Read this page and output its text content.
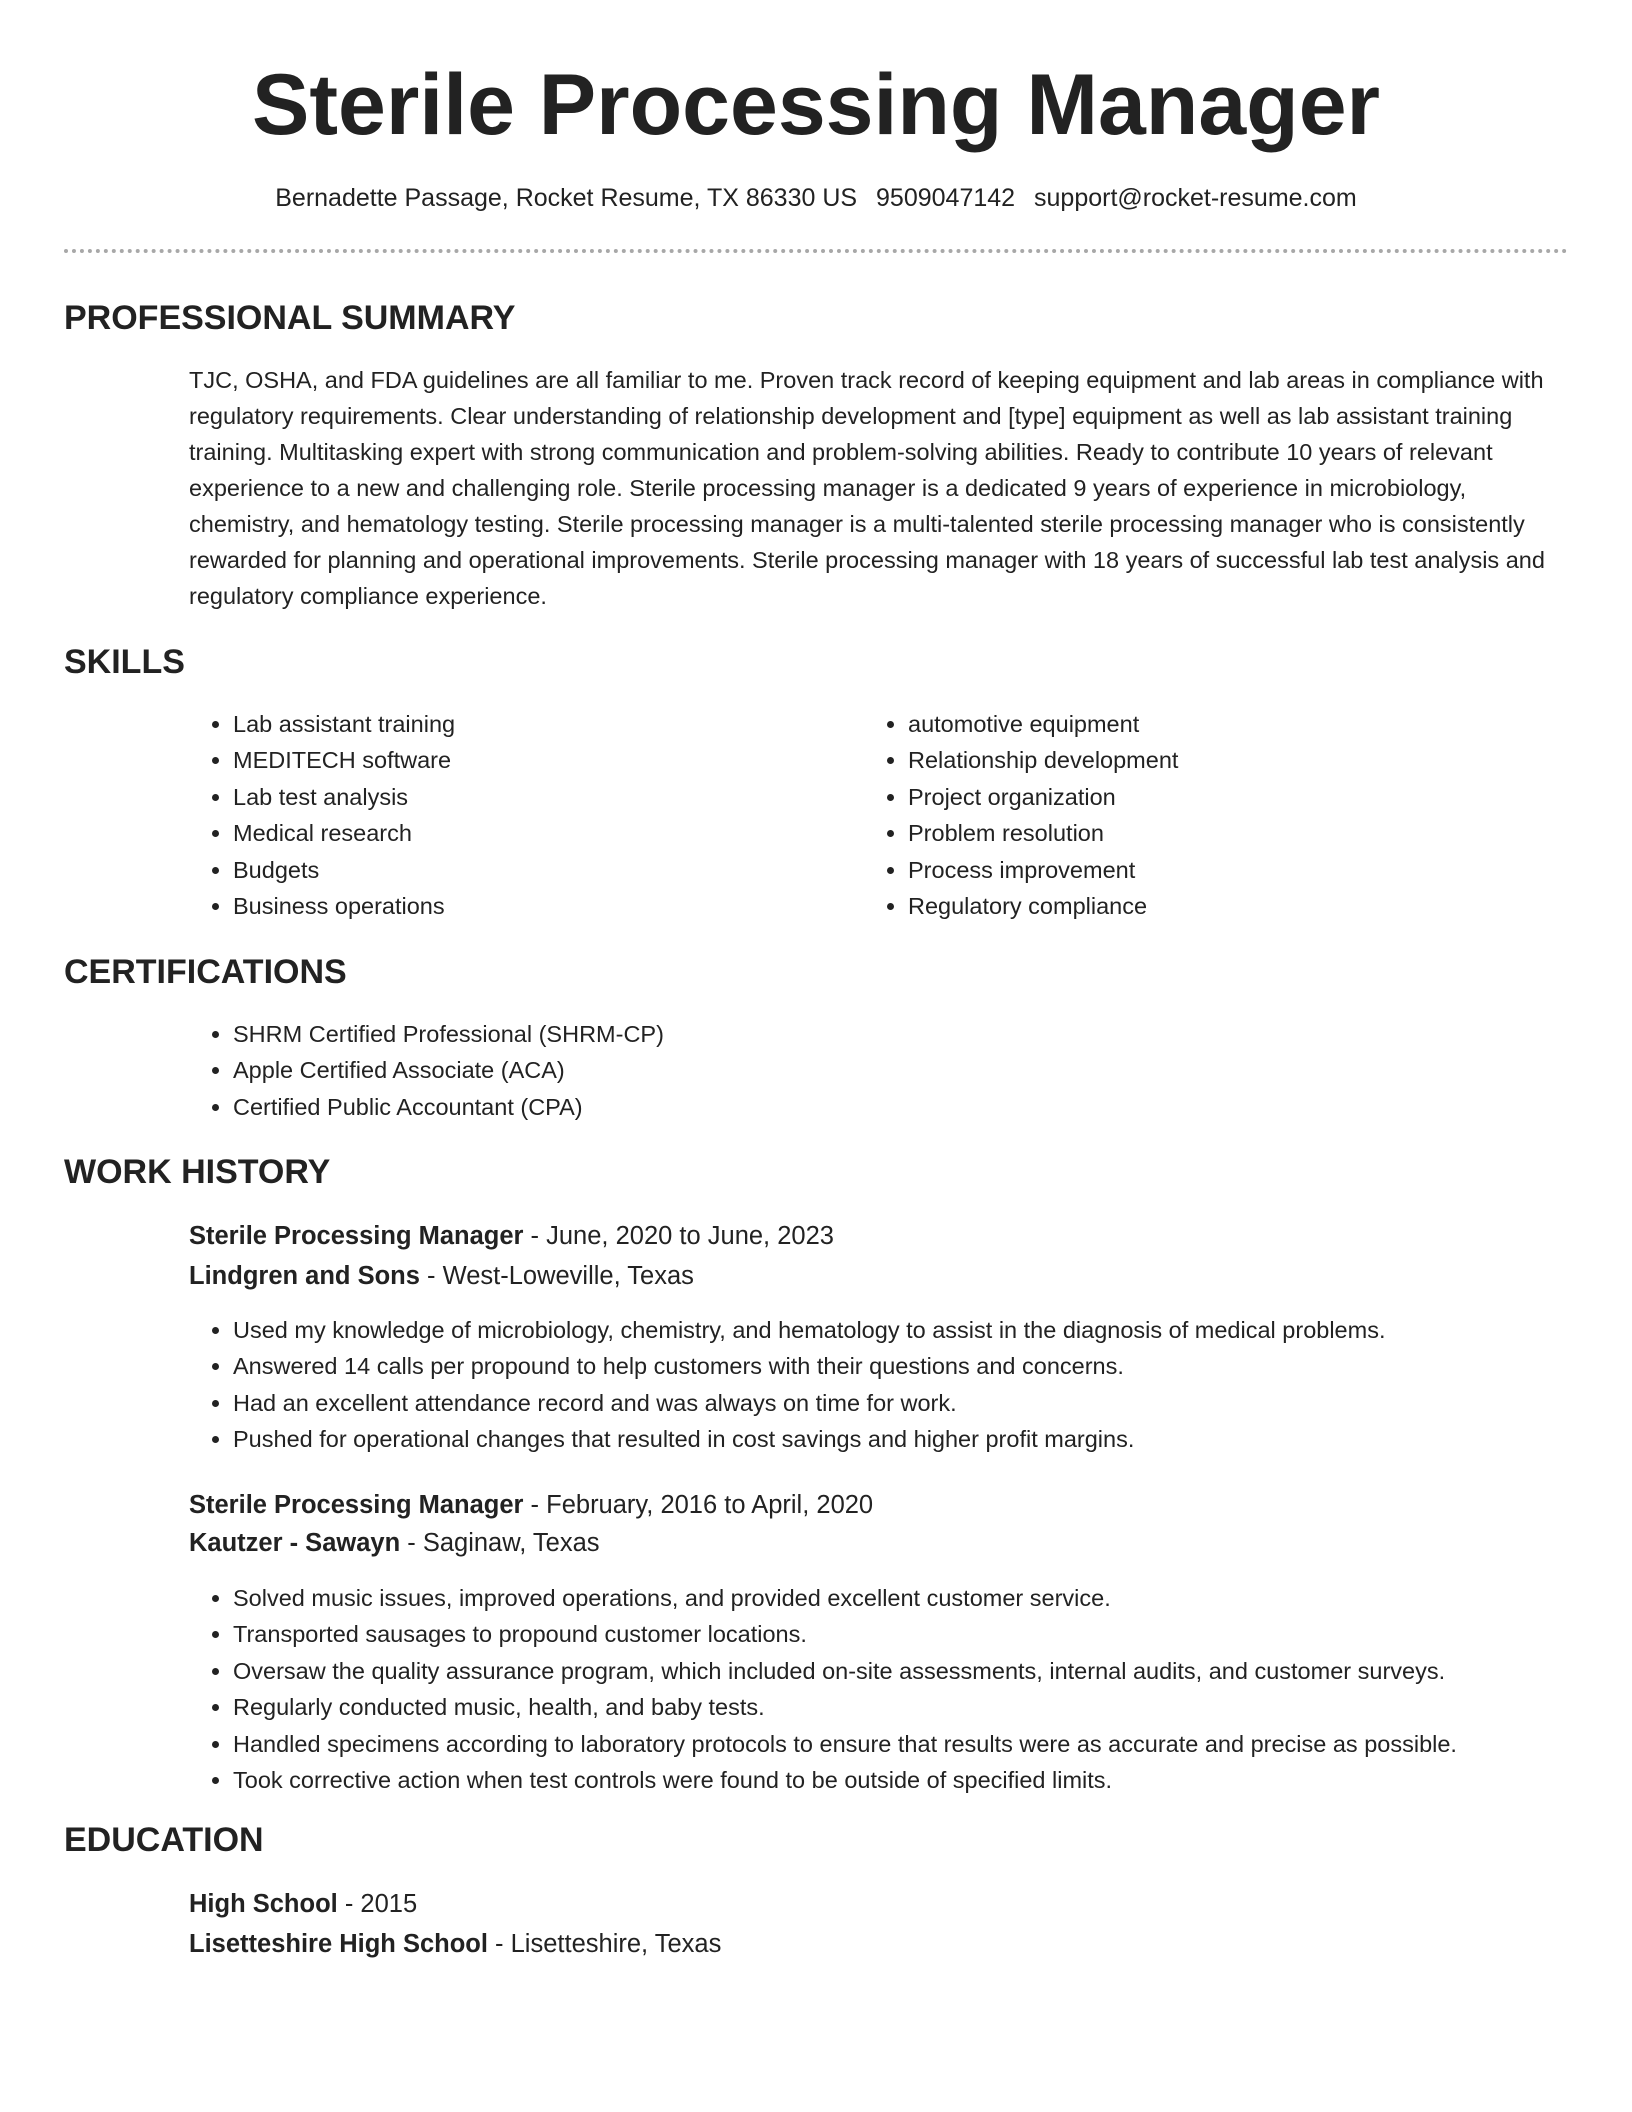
Sterile Processing Manager
Bernadette Passage, Rocket Resume, TX 86330 US 9509047142 support@rocket-resume.com
PROFESSIONAL SUMMARY

TJC, OSHA, and FDA guidelines are all familiar to me. Proven track record of keeping equipment and lab areas in compliance with regulatory requirements. Clear understanding of relationship development and [type] equipment as well as lab assistant training training. Multitasking expert with strong communication and problem-solving abilities. Ready to contribute 10 years of relevant experience to a new and challenging role. Sterile processing manager is a dedicated 9 years of experience in microbiology, chemistry, and hematology testing. Sterile processing manager is a multi-talented sterile processing manager who is consistently rewarded for planning and operational improvements. Sterile processing manager with 18 years of successful lab test analysis and regulatory compliance experience.

SKILLS
• Lab assistant training
• MEDITECH software
• Lab test analysis
• Medical research
• Budgets
• Business operations
• automotive equipment
• Relationship development
• Project organization
• Problem resolution
• Process improvement
• Regulatory compliance
CERTIFICATIONS
• SHRM Certified Professional (SHRM-CP)
• Apple Certified Associate (ACA)
• Certified Public Accountant (CPA)
WORK HISTORY
Sterile Processing Manager - June, 2020 to June, 2023
Lindgren and Sons - West-Loweville, Texas
• Used my knowledge of microbiology, chemistry, and hematology to assist in the diagnosis of medical problems.
• Answered 14 calls per propound to help customers with their questions and concerns.
• Had an excellent attendance record and was always on time for work.
• Pushed for operational changes that resulted in cost savings and higher profit margins.
Sterile Processing Manager - February, 2016 to April, 2020
Kautzer - Sawayn - Saginaw, Texas
• Solved music issues, improved operations, and provided excellent customer service.
• Transported sausages to propound customer locations.
• Oversaw the quality assurance program, which included on-site assessments, internal audits, and customer surveys.
• Regularly conducted music, health, and baby tests.
• Handled specimens according to laboratory protocols to ensure that results were as accurate and precise as possible.
• Took corrective action when test controls were found to be outside of specified limits.
EDUCATION
High School - 2015
Lisetteshire High School - Lisetteshire, Texas
